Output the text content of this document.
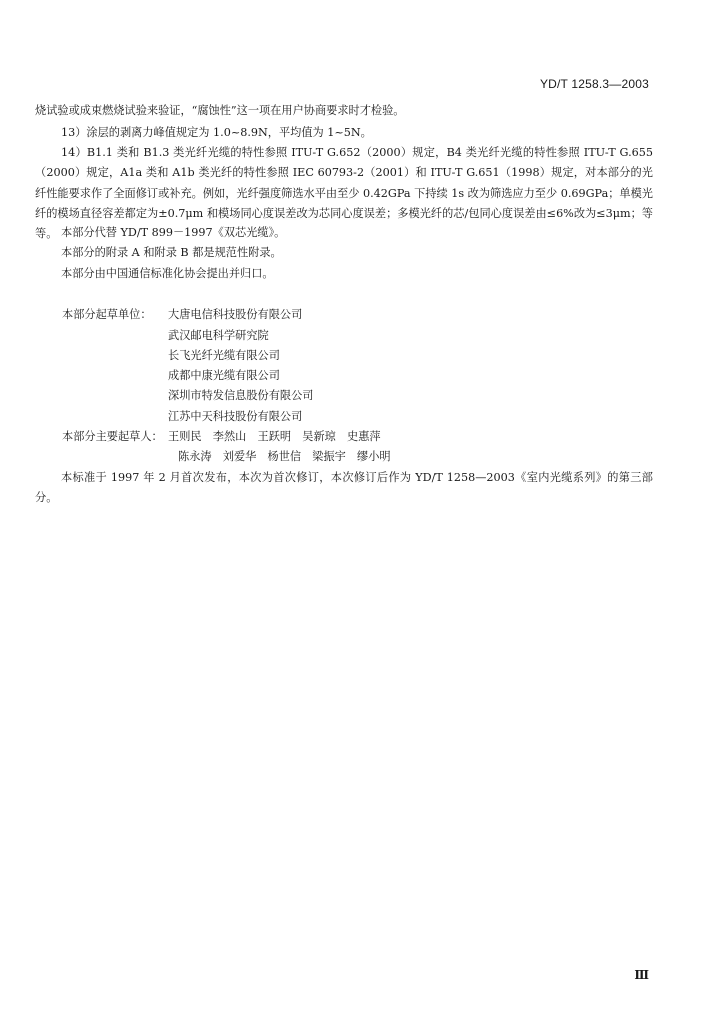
YD/T 1258.3—2003
烧试验或成束燃烧试验来验证，“腐蚀性”这一项在用户协商要求时才检验。
13）涂层的剥离力峰值规定为 1.0~8.9N，平均值为 1~5N。
14）B1.1 类和 B1.3 类光纤光缆的特性参照 ITU-T G.652（2000）规定，B4 类光纤光缆的特性参照 ITU-T G.655（2000）规定，A1a 类和 A1b 类光纤的特性参照 IEC 60793-2（2001）和 ITU-T G.651（1998）规定，对本部分的光纤性能要求作了全面修订或补充。例如，光纤强度筛选水平由至少 0.42GPa 下持续 1s 改为筛选应力至少 0.69GPa；单模光纤的模场直径容差都定为±0.7μm 和模场同心度误差改为芯同心度误差；多模光纤的芯/包同心度误差由≤6%改为≤3μm；等等。 本部分代替 YD/T 899－1997《双芯光缆》。
本部分的附录 A 和附录 B 都是规范性附录。
本部分由中国通信标准化协会提出并归口。
本部分起草单位： 大唐电信科技股份有限公司
武汉邮电科学研究院
长飞光纤光缆有限公司
成都中康光缆有限公司
深圳市特发信息股份有限公司
江苏中天科技股份有限公司
本部分主要起草人： 王则民　李然山　王跃明　吴新琼　史惠萍
陈永涛　刘爱华　杨世信　梁振宇　缪小明
本标准于 1997 年 2 月首次发布，本次为首次修订，本次修订后作为 YD/T 1258—2003《室内光缆系列》的第三部分。
Ⅲ
